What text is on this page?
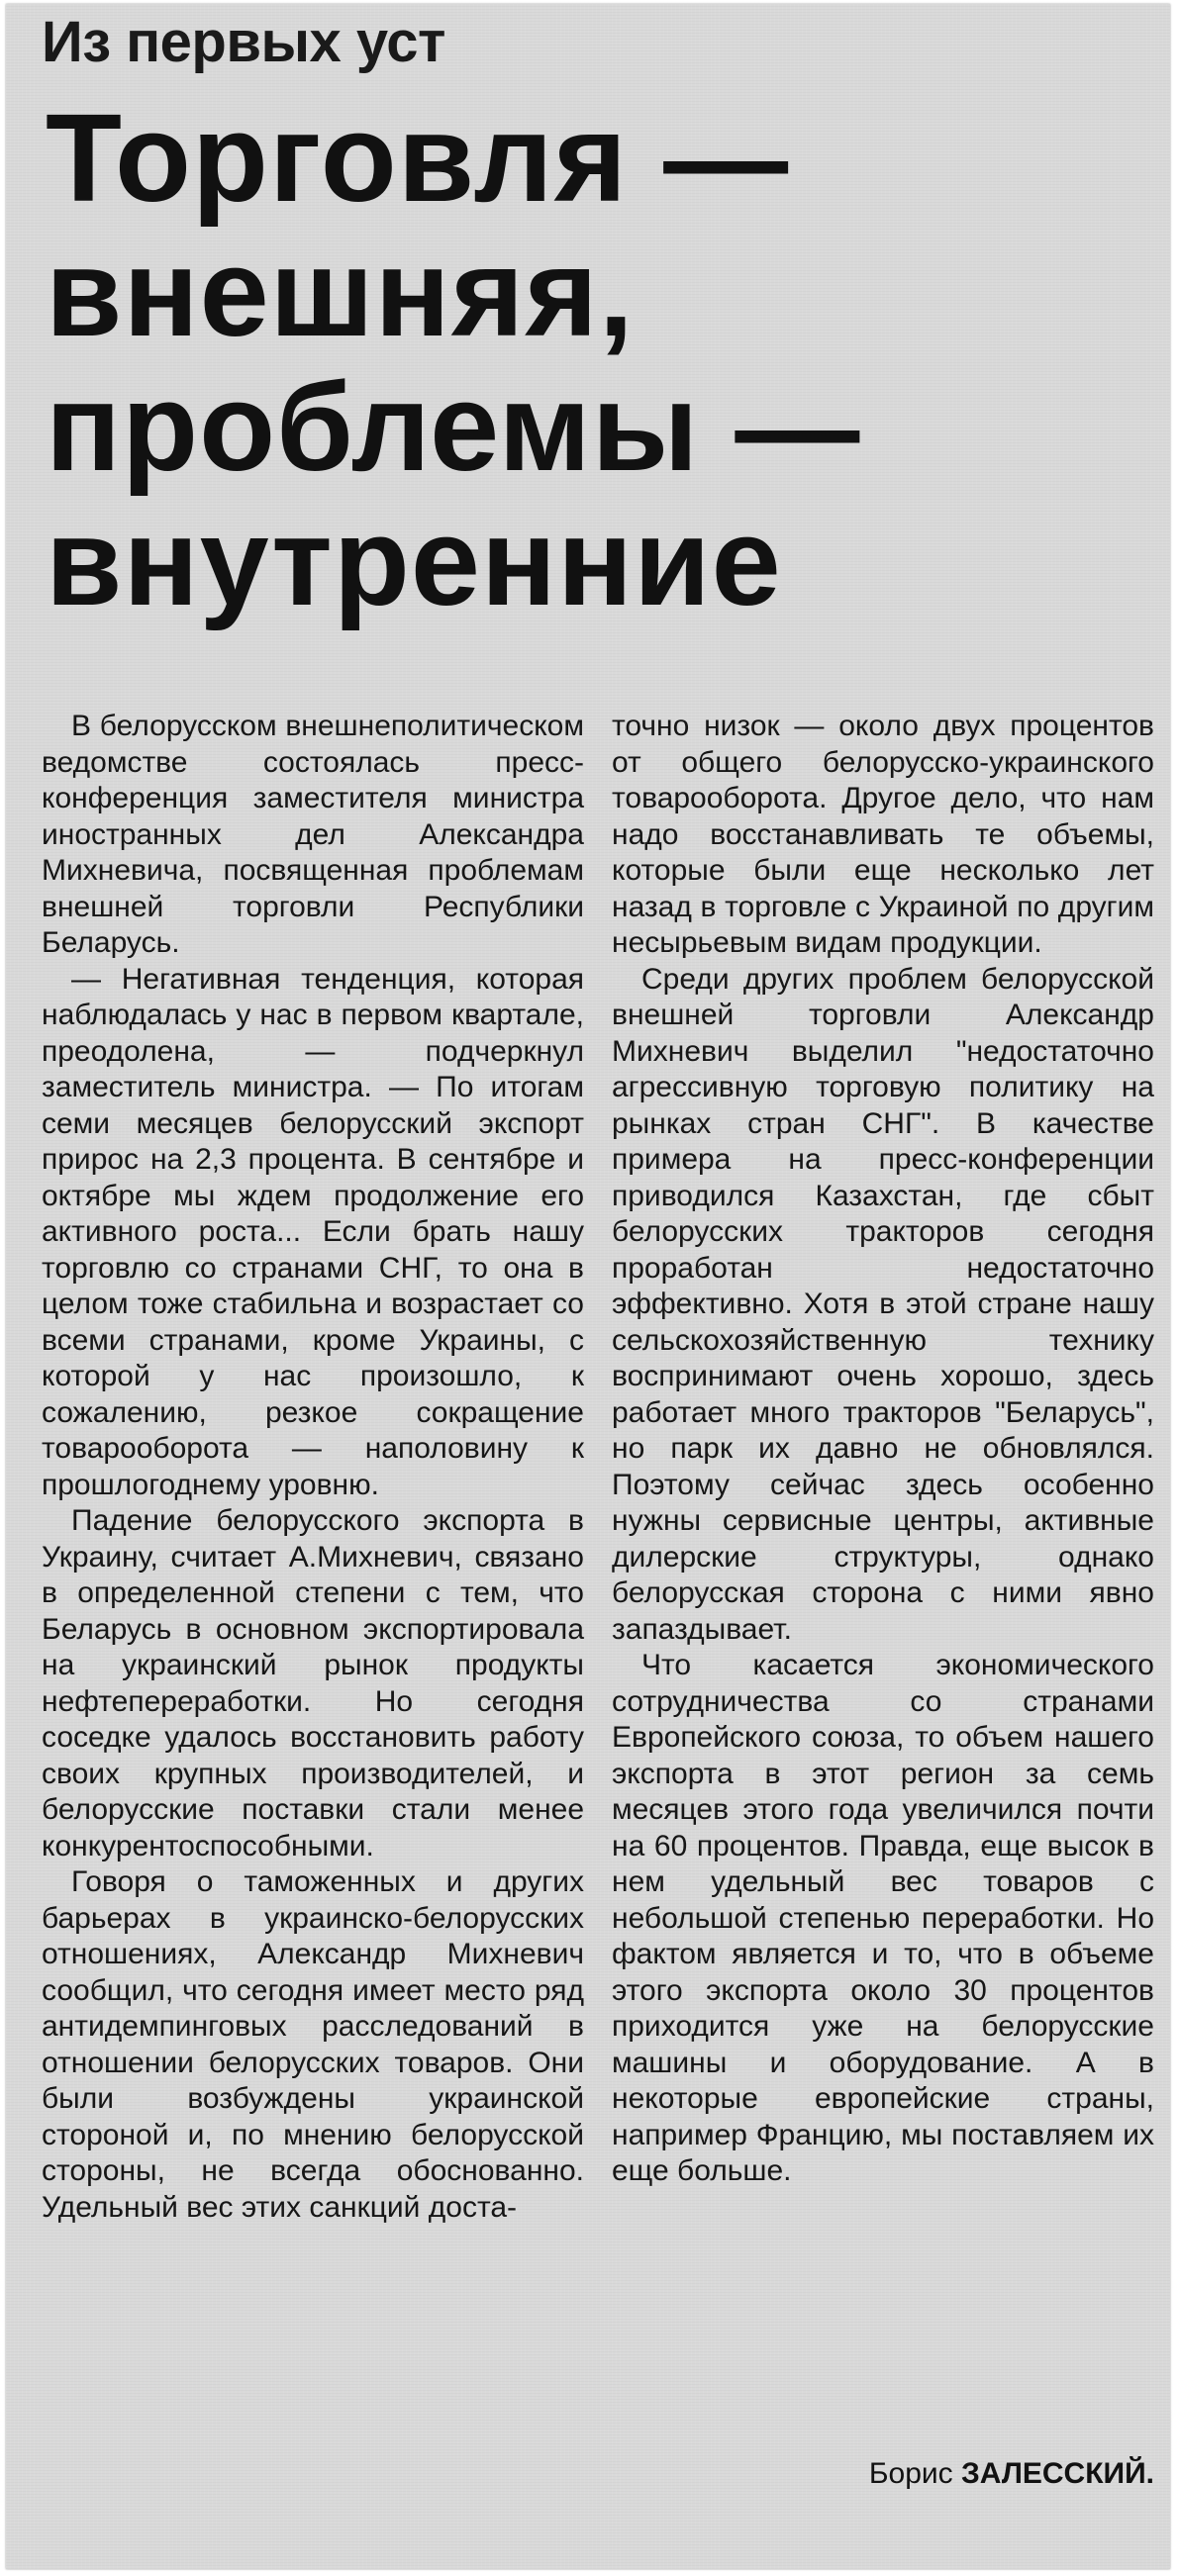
Из первых уст
Торговля —
внешняя,
проблемы —
внутренние

В белорусском внешнеполитическом ведомстве состоялась пресс-конференция заместителя министра иностранных дел Александра Михневича, посвященная проблемам внешней торговли Республики Беларусь.

— Негативная тенденция, которая наблюдалась у нас в первом квартале, преодолена, — подчеркнул заместитель министра. — По итогам семи месяцев белорусский экспорт прирос на 2,3 процента. В сентябре и октябре мы ждем продолжение его активного роста... Если брать нашу торговлю со странами СНГ, то она в целом тоже стабильна и возрастает со всеми странами, кроме Украины, с которой у нас произошло, к сожалению, резкое сокращение товарооборота — наполовину к прошлогоднему уровню.

Падение белорусского экспорта в Украину, считает А.Михневич, связано в определенной степени с тем, что Беларусь в основном экспортировала на украинский рынок продукты нефтепереработки. Но сегодня соседке удалось восстановить работу своих крупных производителей, и белорусские поставки стали менее конкурентоспособными.

Говоря о таможенных и других барьерах в украинско-белорусских отношениях, Александр Михневич сообщил, что сегодня имеет место ряд антидемпинговых расследований в отношении белорусских товаров. Они были возбуждены украинской стороной и, по мнению белорусской стороны, не всегда обоснованно. Удельный вес этих санкций доста-

точно низок — около двух процентов от общего белорусско-украинского товарооборота. Другое дело, что нам надо восстанавливать те объемы, которые были еще несколько лет назад в торговле с Украиной по другим несырьевым видам продукции.

Среди других проблем белорусской внешней торговли Александр Михневич выделил "недостаточно агрессивную торговую политику на рынках стран СНГ". В качестве примера на пресс-конференции приводился Казахстан, где сбыт белорусских тракторов сегодня проработан недостаточно эффективно. Хотя в этой стране нашу сельскохозяйственную технику воспринимают очень хорошо, здесь работает много тракторов "Беларусь", но парк их давно не обновлялся. Поэтому сейчас здесь особенно нужны сервисные центры, активные дилерские структуры, однако белорусская сторона с ними явно запаздывает.

Что касается экономического сотрудничества со странами Европейского союза, то объем нашего экспорта в этот регион за семь месяцев этого года увеличился почти на 60 процентов. Правда, еще высок в нем удельный вес товаров с небольшой степенью переработки. Но фактом является и то, что в объеме этого экспорта около 30 процентов приходится уже на белорусские машины и оборудование. А в некоторые европейские страны, например Францию, мы поставляем их еще больше.

Борис ЗАЛЕССКИЙ.
